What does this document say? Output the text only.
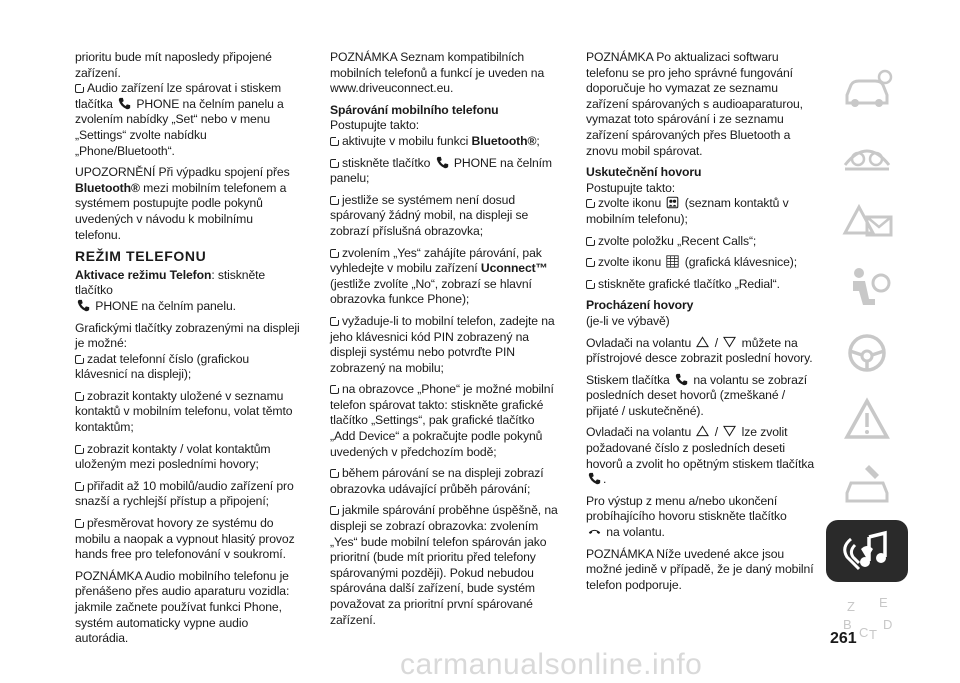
prioritu bude mít naposledy připojené zařízení.

Audio zařízení lze spárovat i stiskem tlačítka PHONE na čelním panelu a zvolením nabídky „Set“ nebo v menu „Settings“ zvolte nabídku „Phone/Bluetooth“.

UPOZORNĚNÍ Při výpadku spojení přes Bluetooth® mezi mobilním telefonem a systémem postupujte podle pokynů uvedených v návodu k mobilnímu telefonu.

REŽIM TELEFONU

Aktivace režimu Telefon: stiskněte tlačítko
PHONE na čelním panelu.

Grafickými tlačítky zobrazenými na displeji je možné:

zadat telefonní číslo (grafickou klávesnicí na displeji);

zobrazit kontakty uložené v seznamu kontaktů v mobilním telefonu, volat těmto kontaktům;

zobrazit kontakty / volat kontaktům uloženým mezi posledními hovory;

přiřadit až 10 mobilů/audio zařízení pro snazší a rychlejší přístup a připojení;

přesměrovat hovory ze systému do mobilu a naopak a vypnout hlasitý provoz hands free pro telefonování v soukromí.

POZNÁMKA Audio mobilního telefonu je přenášeno přes audio aparaturu vozidla: jakmile začnete používat funkci Phone, systém automaticky vypne audio autorádia.

POZNÁMKA Seznam kompatibilních mobilních telefonů a funkcí je uveden na www.driveuconnect.eu.

Spárování mobilního telefonu

Postupujte takto:

aktivujte v mobilu funkci Bluetooth®;

stiskněte tlačítko PHONE na čelním panelu;

jestliže se systémem není dosud spárovaný žádný mobil, na displeji se zobrazí příslušná obrazovka;

zvolením „Yes“ zahájíte párování, pak vyhledejte v mobilu zařízení Uconnect™ (jestliže zvolíte „No“, zobrazí se hlavní obrazovka funkce Phone);

vyžaduje-li to mobilní telefon, zadejte na jeho klávesnici kód PIN zobrazený na displeji systému nebo potvrďte PIN zobrazený na mobilu;

na obrazovce „Phone“ je možné mobilní telefon spárovat takto: stiskněte grafické tlačítko „Settings“, pak grafické tlačítko „Add Device“ a pokračujte podle pokynů uvedených v předchozím bodě;

během párování se na displeji zobrazí obrazovka udávající průběh párování;

jakmile spárování proběhne úspěšně, na displeji se zobrazí obrazovka: zvolením „Yes“ bude mobilní telefon spárován jako prioritní (bude mít prioritu před telefony spárovanými později). Pokud nebudou spárována další zařízení, bude systém považovat za prioritní první spárované zařízení.

POZNÁMKA Po aktualizaci softwaru telefonu se pro jeho správné fungování doporučuje ho vymazat ze seznamu zařízení spárovaných s audioaparaturou, vymazat toto spárování i ze seznamu zařízení spárovaných přes Bluetooth a znovu mobil spárovat.

Uskutečnění hovoru

Postupujte takto:

zvolte ikonu (seznam kontaktů v mobilním telefonu);

zvolte položku „Recent Calls“;

zvolte ikonu (grafická klávesnice);

stiskněte grafické tlačítko „Redial“.

Procházení hovory

(je-li ve výbavě)

Ovladači na volantu / můžete na přístrojové desce zobrazit poslední hovory.

Stiskem tlačítka na volantu se zobrazí posledních deset hovorů (zmeškané / přijaté / uskutečněné).

Ovladači na volantu / lze zvolit požadované číslo z posledních deseti hovorů a zvolit ho opětným stiskem tlačítka .

Pro výstup z menu a/nebo ukončení probíhajícího hovoru stiskněte tlačítko
na volantu.

POZNÁMKA Níže uvedené akce jsou možné jedině v případě, že je daný mobilní telefon podporuje.

Z E
B
C T
D
261
carmanualsonline.info
